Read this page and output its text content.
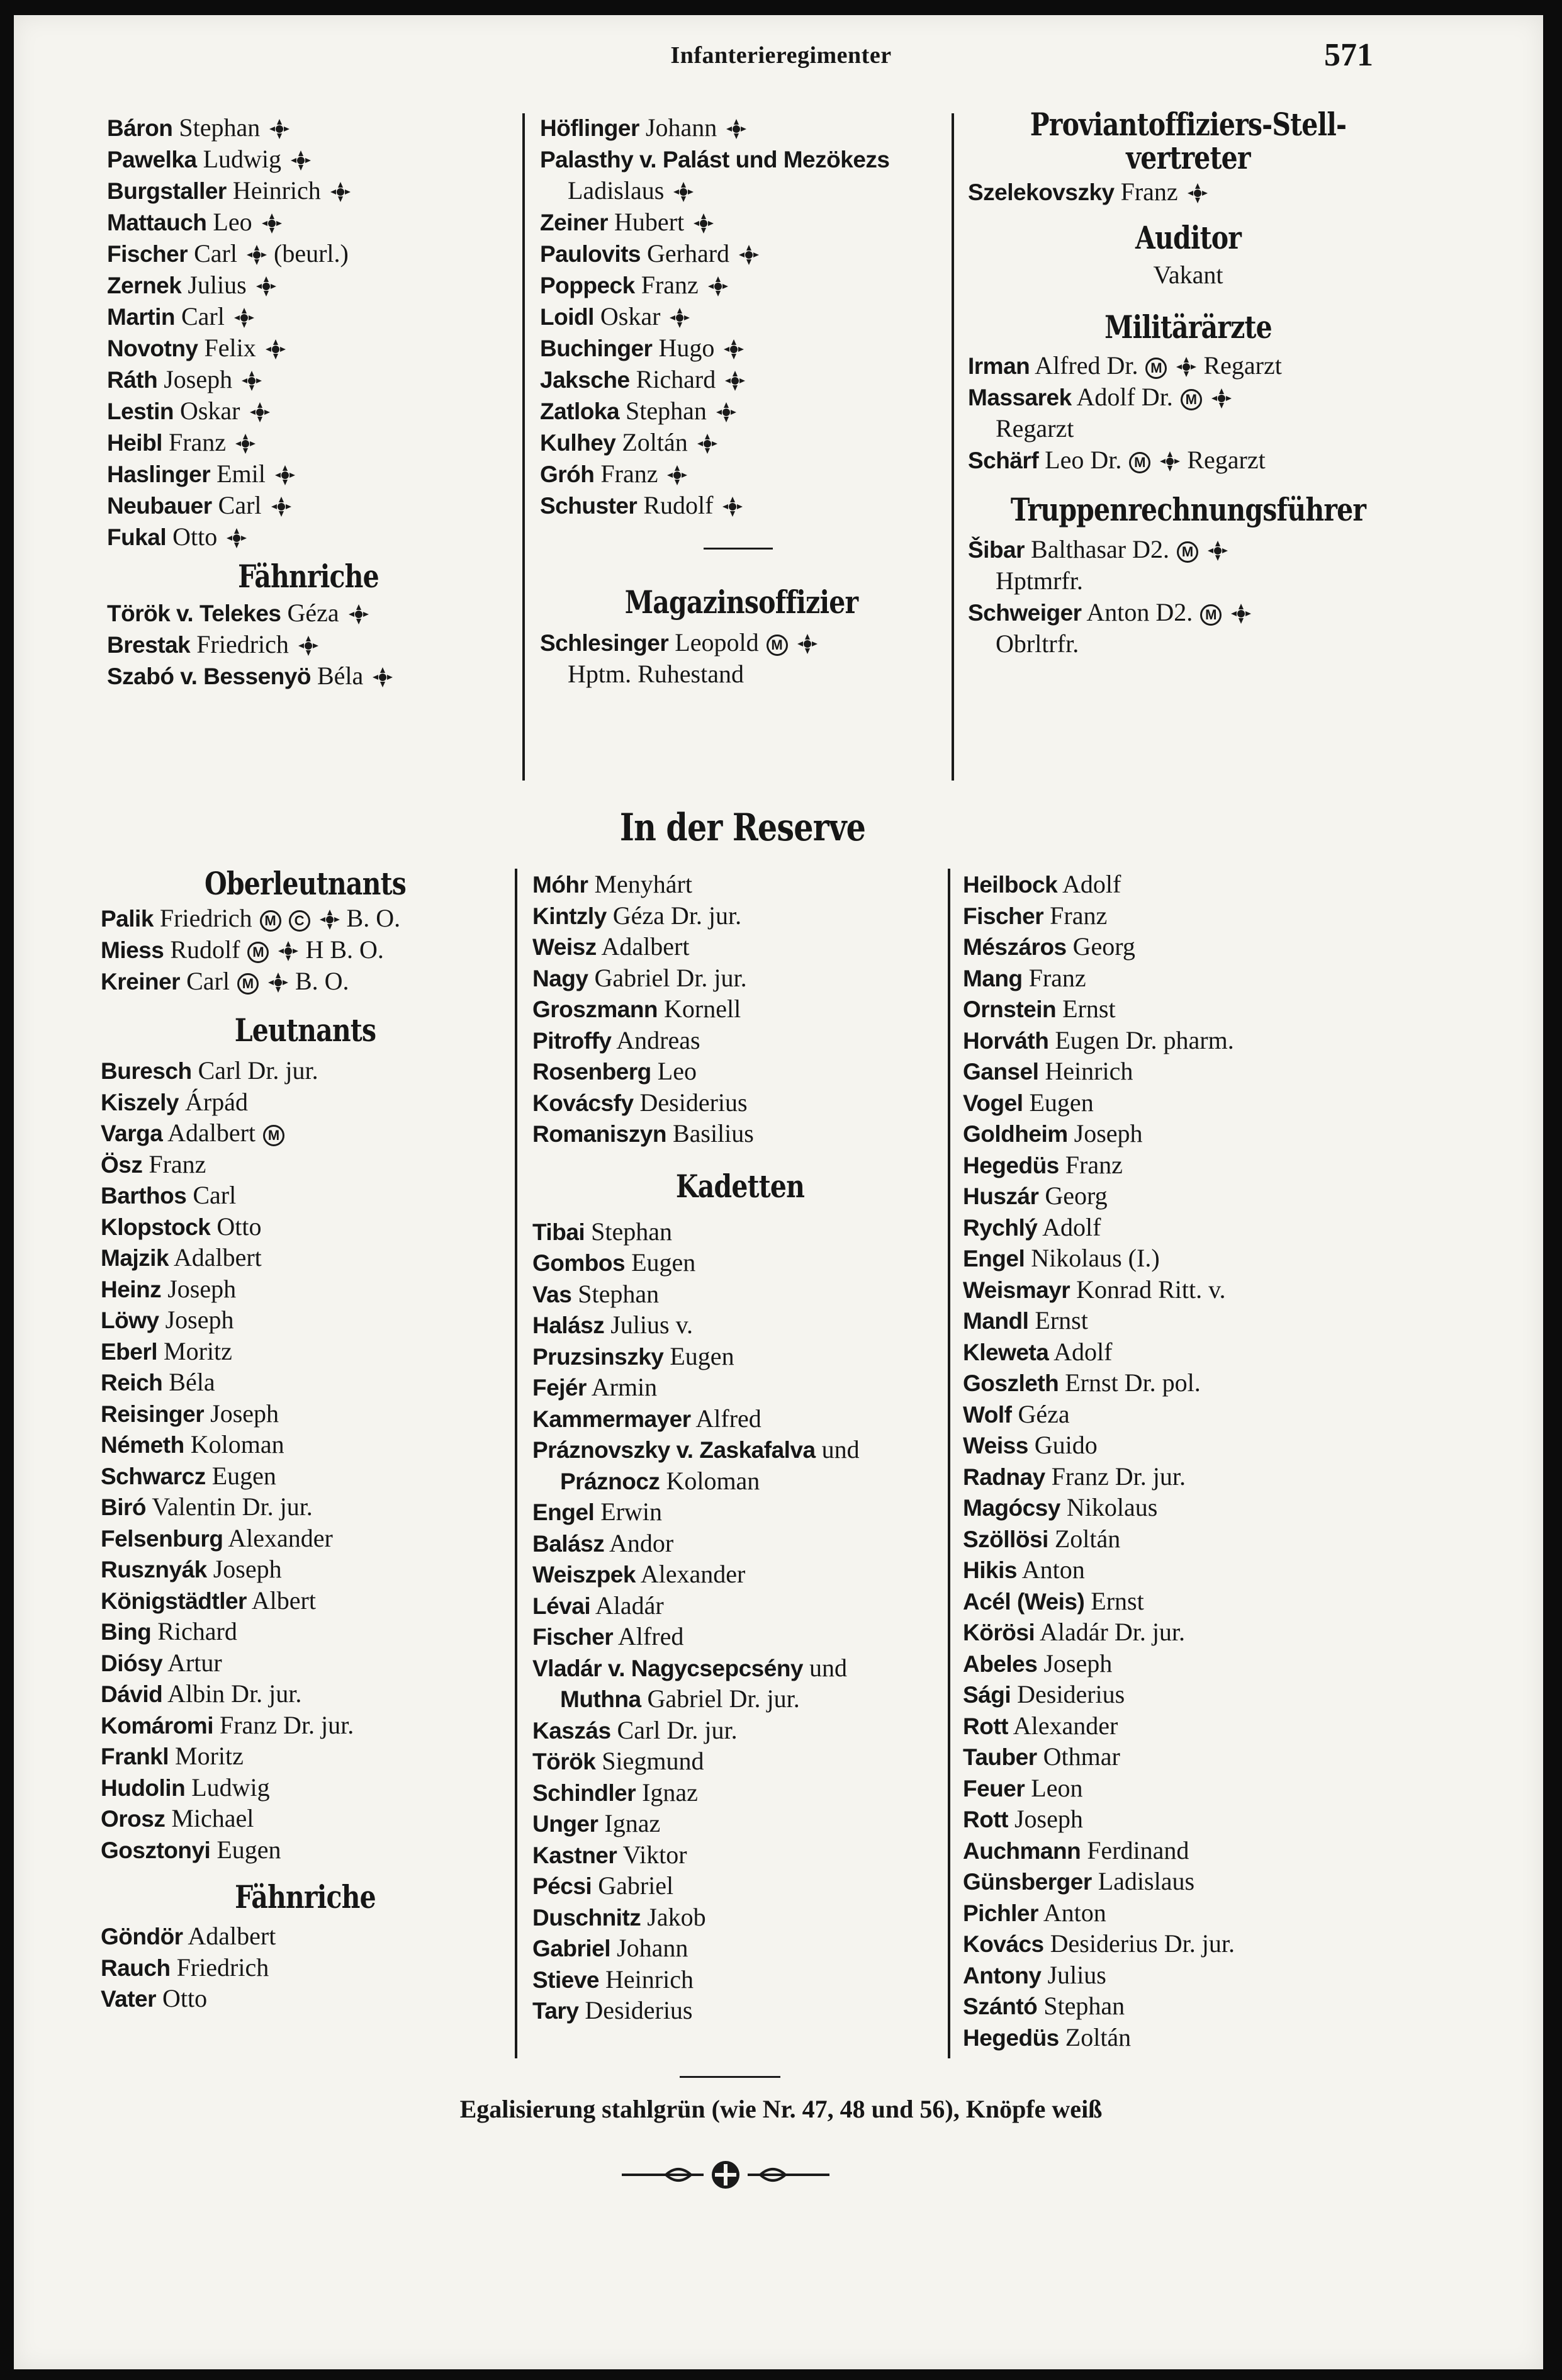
Infanterieregimenter	571
Báron Stephan
Pawelka Ludwig
Burgstaller Heinrich
Mattauch Leo
Fischer Carl (beurl.)
Zernek Julius
Martin Carl
Novotny Felix
Ráth Joseph
Lestin Oskar
Heibl Franz
Haslinger Emil
Neubauer Carl
Fukal Otto
Fähnriche
Török v. Telekes Géza
Brestak Friedrich
Szabó v. Bessenyö Béla
Höflinger Johann
Palasthy v. Palást und Mezökezs
Ladislaus
Zeiner Hubert
Paulovits Gerhard
Poppeck Franz
Loidl Oskar
Buchinger Hugo
Jaksche Richard
Zatloka Stephan
Kulhey Zoltán
Gróh Franz
Schuster Rudolf
Magazinsoffizier
Schlesinger Leopold M
Hptm. Ruhestand
Proviantoffiziers-Stell-
vertreter
Szelekovszky Franz
Auditor
Vakant
Militärärzte
Irman Alfred Dr. M Regarzt
Massarek Adolf Dr. M
Regarzt
Schärf Leo Dr. M Regarzt
Truppenrechnungsführer
Šibar Balthasar D2. M
Hptmrfr.
Schweiger Anton D2. M
Obrltrfr.
In der Reserve
Oberleutnants
Palik Friedrich M C B. O.
Miess Rudolf M H B. O.
Kreiner Carl M B. O.
Leutnants
Buresch Carl Dr. jur.
Kiszely Árpád
Varga Adalbert M
Ösz Franz
Barthos Carl
Klopstock Otto
Majzik Adalbert
Heinz Joseph
Löwy Joseph
Eberl Moritz
Reich Béla
Reisinger Joseph
Németh Koloman
Schwarcz Eugen
Biró Valentin Dr. jur.
Felsenburg Alexander
Rusznyák Joseph
Königstädtler Albert
Bing Richard
Diósy Artur
Dávid Albin Dr. jur.
Komáromi Franz Dr. jur.
Frankl Moritz
Hudolin Ludwig
Orosz Michael
Gosztonyi Eugen
Fähnriche
Göndör Adalbert
Rauch Friedrich
Vater Otto
Móhr Menyhárt
Kintzly Géza Dr. jur.
Weisz Adalbert
Nagy Gabriel Dr. jur.
Groszmann Kornell
Pitroffy Andreas
Rosenberg Leo
Kovácsfy Desiderius
Romaniszyn Basilius
Kadetten
Tibai Stephan
Gombos Eugen
Vas Stephan
Halász Julius v.
Pruzsinszky Eugen
Fejér Armin
Kammermayer Alfred
Práznovszky v. Zaskafalva und
Práznocz Koloman
Engel Erwin
Balász Andor
Weiszpek Alexander
Lévai Aladár
Fischer Alfred
Vladár v. Nagycsepcsény und
Muthna Gabriel Dr. jur.
Kaszás Carl Dr. jur.
Török Siegmund
Schindler Ignaz
Unger Ignaz
Kastner Viktor
Pécsi Gabriel
Duschnitz Jakob
Gabriel Johann
Stieve Heinrich
Tary Desiderius
Heilbock Adolf
Fischer Franz
Mészáros Georg
Mang Franz
Ornstein Ernst
Horváth Eugen Dr. pharm.
Gansel Heinrich
Vogel Eugen
Goldheim Joseph
Hegedüs Franz
Huszár Georg
Rychlý Adolf
Engel Nikolaus (I.)
Weismayr Konrad Ritt. v.
Mandl Ernst
Kleweta Adolf
Goszleth Ernst Dr. pol.
Wolf Géza
Weiss Guido
Radnay Franz Dr. jur.
Magócsy Nikolaus
Szöllösi Zoltán
Hikis Anton
Acél (Weis) Ernst
Körösi Aladár Dr. jur.
Abeles Joseph
Sági Desiderius
Rott Alexander
Tauber Othmar
Feuer Leon
Rott Joseph
Auchmann Ferdinand
Günsberger Ladislaus
Pichler Anton
Kovács Desiderius Dr. jur.
Antony Julius
Szántó Stephan
Hegedüs Zoltán
Egalisierung stahlgrün (wie Nr. 47, 48 und 56), Knöpfe weiß
